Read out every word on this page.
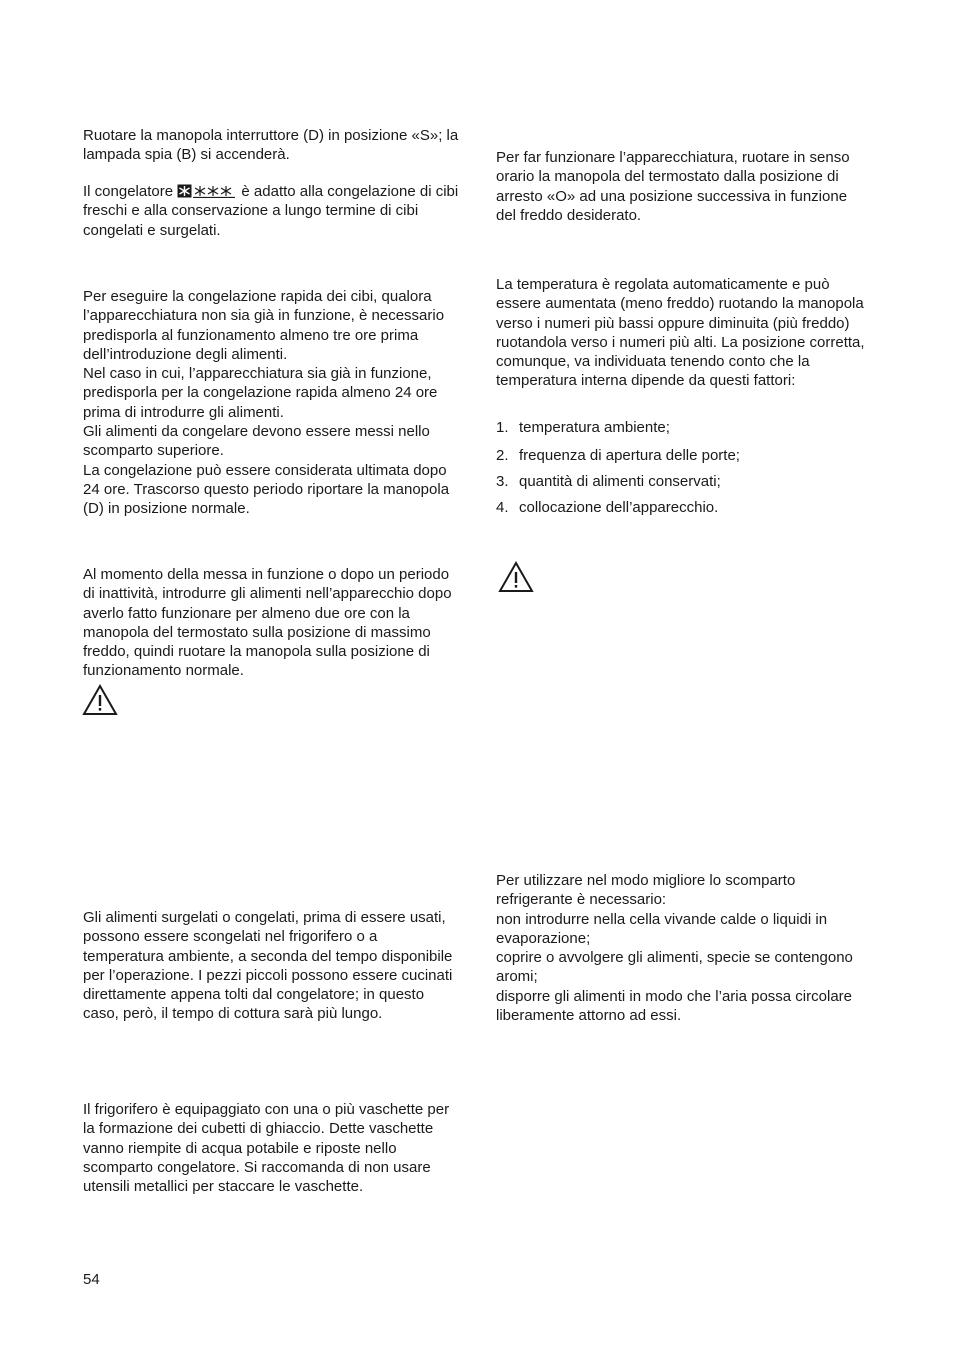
Ruotare la manopola interruttore (D) in posizione «S»; la lampada spia (B) si accenderà.

Il congelatore	è adatto alla congelazione di cibi freschi e alla conservazione a lungo termine di cibi congelati e surgelati.

Per eseguire la congelazione rapida dei cibi, qualora l’apparecchiatura non sia già in funzione, è necessario predisporla al funzionamento almeno tre ore prima dell’introduzione degli alimenti.
Nel caso in cui, l’apparecchiatura sia già in funzione, predisporla per la congelazione rapida almeno 24 ore prima di introdurre gli alimenti.
Gli alimenti da congelare devono essere messi nello scomparto superiore.
La congelazione può essere considerata ultimata dopo 24 ore. Trascorso questo periodo riportare la manopola (D) in posizione normale.

Al momento della messa in funzione o dopo un periodo di inattività, introdurre gli alimenti nell’apparecchio dopo averlo fatto funzionare per almeno due ore con la manopola del termostato sulla posizione di massimo freddo, quindi ruotare la manopola sulla posizione di funzionamento normale.

Gli alimenti surgelati o congelati, prima di essere usati, possono essere scongelati nel frigorifero o a temperatura ambiente, a seconda del tempo disponibile per l’operazione. I pezzi piccoli possono essere cucinati direttamente appena tolti dal congelatore; in questo caso, però, il tempo di cottura sarà più lungo.

Il frigorifero è equipaggiato con una o più vaschette per la formazione dei cubetti di ghiaccio. Dette vaschette vanno riempite di acqua potabile e riposte nello scomparto congelatore. Si raccomanda di non usare utensili metallici per staccare le vaschette.

Per far funzionare l’apparecchiatura, ruotare in senso orario la manopola del termostato dalla posizione di arresto «O» ad una posizione successiva in funzione del freddo desiderato.

La temperatura è regolata automaticamente e può essere aumentata (meno freddo) ruotando la manopola verso i numeri più bassi oppure diminuita (più freddo) ruotandola verso i numeri più alti. La posizione corretta, comunque, va individuata tenendo conto che la temperatura interna dipende da questi fattori:

1. temperatura ambiente;
2. frequenza di apertura delle porte;
3. quantità di alimenti conservati;
4. collocazione dell’apparecchio.
Per utilizzare nel modo migliore lo scomparto refrigerante è necessario:
non introdurre nella cella vivande calde o liquidi in evaporazione;
coprire o avvolgere gli alimenti, specie se contengono aromi;
disporre gli alimenti in modo che l’aria possa circolare liberamente attorno ad essi.
54
